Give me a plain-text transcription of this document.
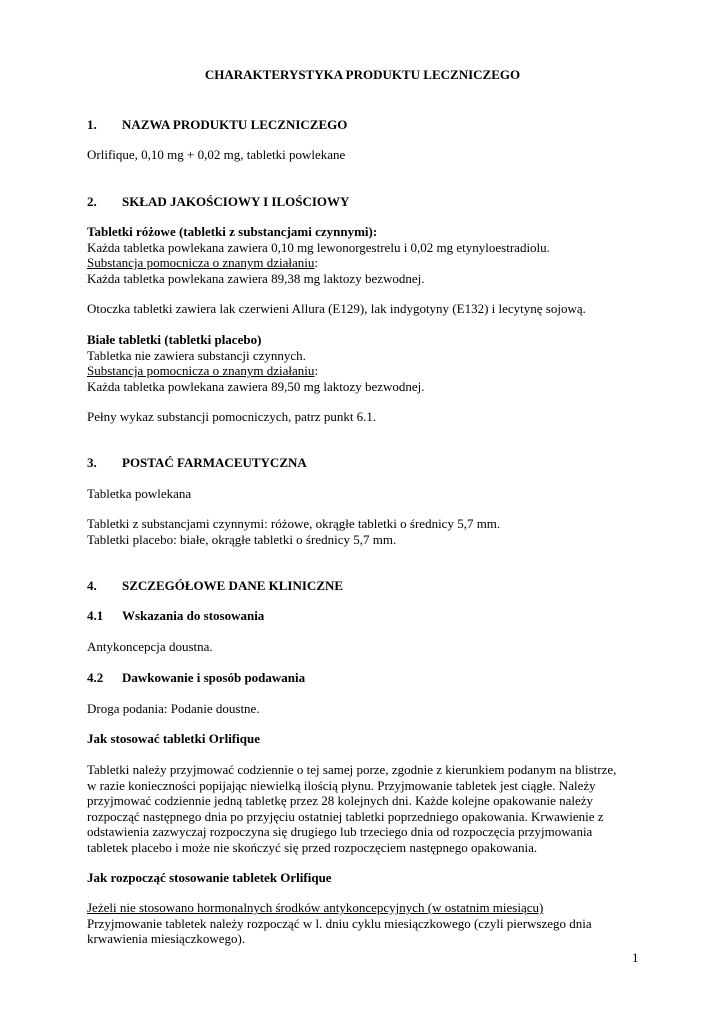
CHARAKTERYSTYKA PRODUKTU LECZNICZEGO
1. NAZWA PRODUKTU LECZNICZEGO
Orlifique, 0,10 mg + 0,02 mg, tabletki powlekane
2. SKŁAD JAKOŚCIOWY I ILOŚCIOWY
Tabletki różowe (tabletki z substancjami czynnymi):
Każda tabletka powlekana zawiera 0,10 mg lewonorgestrelu i 0,02 mg etynyloestradiolu.
Substancja pomocnicza o znanym działaniu:
Każda tabletka powlekana zawiera 89,38 mg laktozy bezwodnej.
Otoczka tabletki zawiera lak czerwieni Allura (E129), lak indygotyny (E132) i lecytynę sojową.
Białe tabletki (tabletki placebo)
Tabletka nie zawiera substancji czynnych.
Substancja pomocnicza o znanym działaniu:
Każda tabletka powlekana zawiera 89,50 mg laktozy bezwodnej.
Pełny wykaz substancji pomocniczych, patrz punkt 6.1.
3. POSTAĆ FARMACEUTYCZNA
Tabletka powlekana
Tabletki z substancjami czynnymi: różowe, okrągłe tabletki o średnicy 5,7 mm.
Tabletki placebo: białe, okrągłe tabletki o średnicy 5,7 mm.
4. SZCZEGÓŁOWE DANE KLINICZNE
4.1 Wskazania do stosowania
Antykoncepcja doustna.
4.2 Dawkowanie i sposób podawania
Droga podania: Podanie doustne.
Jak stosować tabletki Orlifique
Tabletki należy przyjmować codziennie o tej samej porze, zgodnie z kierunkiem podanym na blistrze,
w razie konieczności popijając niewielką ilością płynu. Przyjmowanie tabletek jest ciągłe. Należy
przyjmować codziennie jedną tabletkę przez 28 kolejnych dni. Każde kolejne opakowanie należy
rozpocząć następnego dnia po przyjęciu ostatniej tabletki poprzedniego opakowania. Krwawienie z
odstawienia zazwyczaj rozpoczyna się drugiego lub trzeciego dnia od rozpoczęcia przyjmowania
tabletek placebo i może nie skończyć się przed rozpoczęciem następnego opakowania.
Jak rozpocząć stosowanie tabletek Orlifique
Jeżeli nie stosowano hormonalnych środków antykoncepcyjnych (w ostatnim miesiącu)
Przyjmowanie tabletek należy rozpocząć w l. dniu cyklu miesiączkowego (czyli pierwszego dnia
krwawienia miesiączkowego).
1
